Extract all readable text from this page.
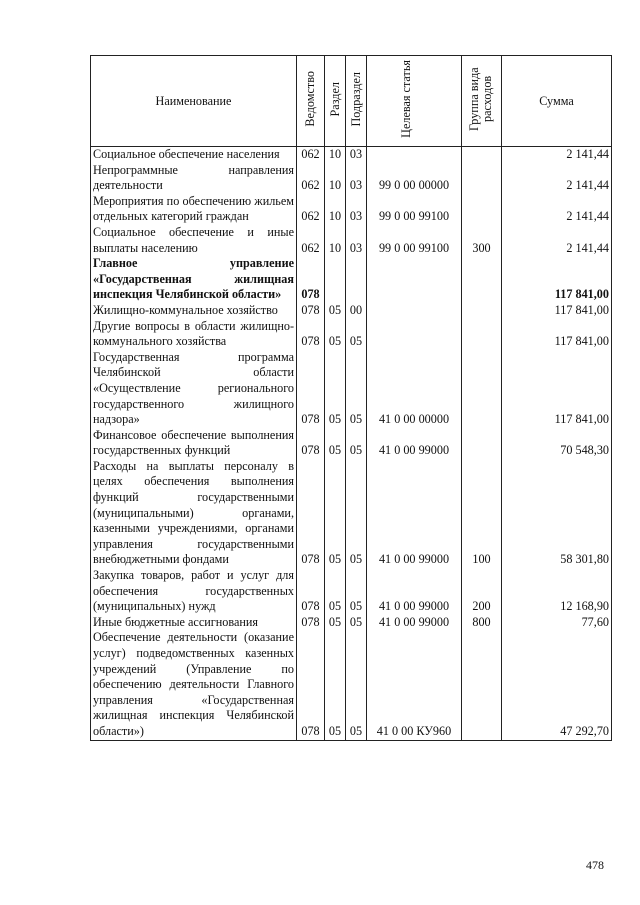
Наименование	Ведомство	Раздел	Подраздел	Целевая статья	Группа вида расходов	Сумма
Социальное обеспечение населения	062	10	03			2 141,44
Непрограммные направления деятельности	062	10	03	99 0 00 00000		2 141,44
Мероприятия по обеспечению жильем отдельных категорий граждан	062	10	03	99 0 00 99100		2 141,44
Социальное обеспечение и иные выплаты населению	062	10	03	99 0 00 99100	300	2 141,44
Главное управление «Государственная жилищная инспекция Челябинской области»	078					117 841,00
Жилищно-коммунальное хозяйство	078	05	00			117 841,00
Другие вопросы в области жилищно-коммунального хозяйства	078	05	05			117 841,00
Государственная программа Челябинской области «Осуществление регионального государственного жилищного надзора»	078	05	05	41 0 00 00000		117 841,00
Финансовое обеспечение выполнения государственных функций	078	05	05	41 0 00 99000		70 548,30
Расходы на выплаты персоналу в целях обеспечения выполнения функций государственными (муниципальными) органами, казенными учреждениями, органами управления государственными внебюджетными фондами	078	05	05	41 0 00 99000	100	58 301,80
Закупка товаров, работ и услуг для обеспечения государственных (муниципальных) нужд	078	05	05	41 0 00 99000	200	12 168,90
Иные бюджетные ассигнования	078	05	05	41 0 00 99000	800	77,60
Обеспечение деятельности (оказание услуг) подведомственных казенных учреждений (Управление по обеспечению деятельности Главного управления «Государственная жилищная инспекция Челябинской области»)	078	05	05	41 0 00 КУ960		47 292,70
478
